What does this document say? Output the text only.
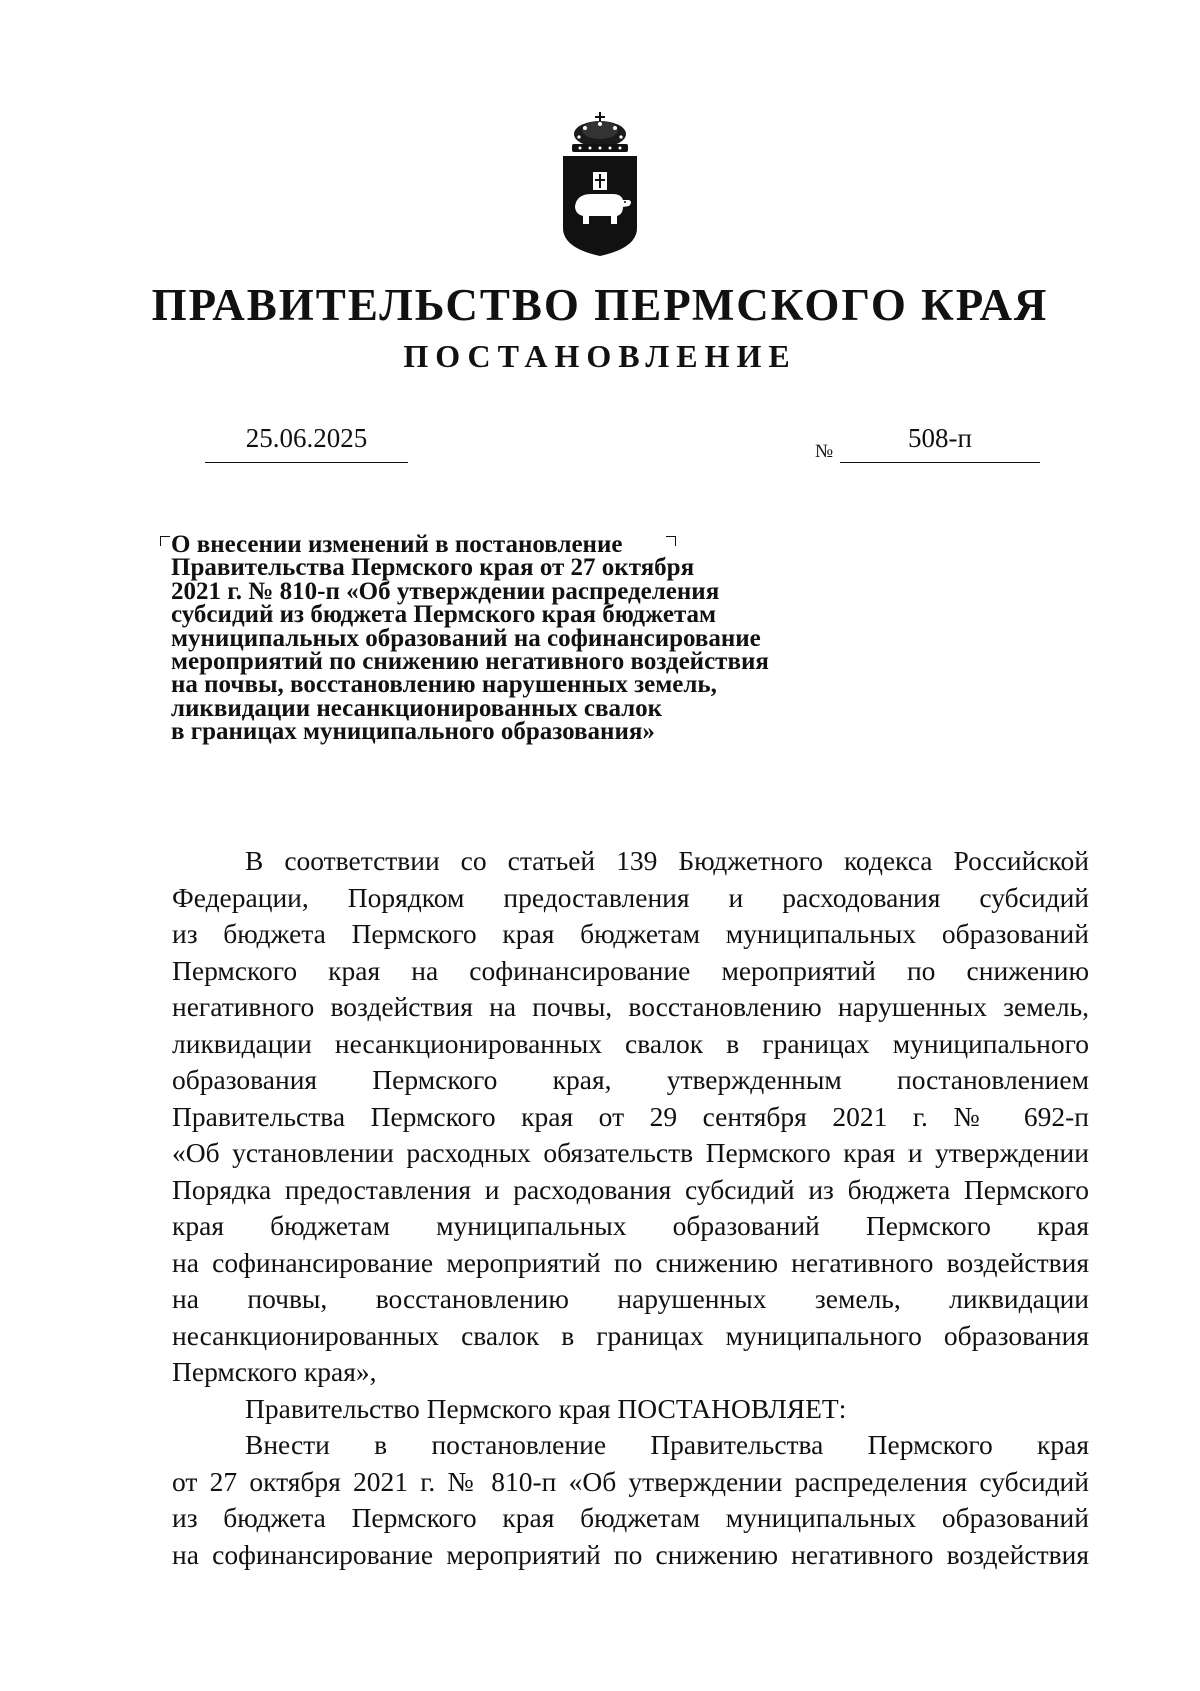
ПРАВИТЕЛЬСТВО ПЕРМСКОГО КРАЯ
ПОСТАНОВЛЕНИЕ
25.06.2025	№	508-п
О внесении изменений в постановление
Правительства Пермского края от 27 октября
2021 г. № 810-п «Об утверждении распределения
субсидий из бюджета Пермского края бюджетам
муниципальных образований на софинансирование
мероприятий по снижению негативного воздействия
на почвы, восстановлению нарушенных земель,
ликвидации несанкционированных свалок
в границах муниципального образования»
В соответствии со статьей 139 Бюджетного кодекса Российской
Федерации, Порядком предоставления и расходования субсидий
из бюджета Пермского края бюджетам муниципальных образований
Пермского края на софинансирование мероприятий по снижению
негативного воздействия на почвы, восстановлению нарушенных земель,
ликвидации несанкционированных свалок в границах муниципального
образования Пермского края, утвержденным постановлением
Правительства Пермского края от 29 сентября 2021 г. № 692-п
«Об установлении расходных обязательств Пермского края и утверждении
Порядка предоставления и расходования субсидий из бюджета Пермского
края бюджетам муниципальных образований Пермского края
на софинансирование мероприятий по снижению негативного воздействия
на почвы, восстановлению нарушенных земель, ликвидации
несанкционированных свалок в границах муниципального образования
Пермского края»,
Правительство Пермского края ПОСТАНОВЛЯЕТ:
Внести в постановление Правительства Пермского края
от 27 октября 2021 г. № 810-п «Об утверждении распределения субсидий
из бюджета Пермского края бюджетам муниципальных образований
на софинансирование мероприятий по снижению негативного воздействия
